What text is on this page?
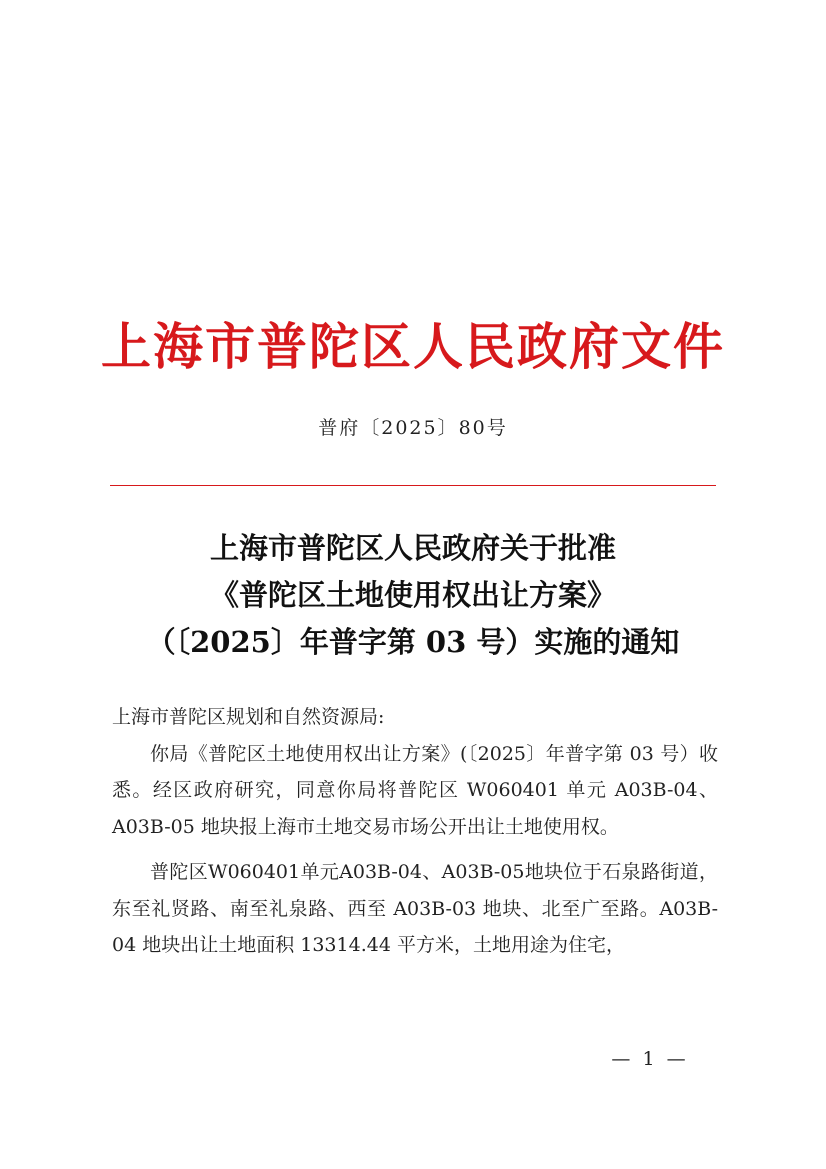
上海市普陀区人民政府文件
普府〔2025〕80号
上海市普陀区人民政府关于批准
《普陀区土地使用权出让方案》
（〔2025〕年普字第 03 号）实施的通知

上海市普陀区规划和自然资源局:

你局《普陀区土地使用权出让方案》(〔2025〕年普字第 03 号）收悉。经区政府研究，同意你局将普陀区 W060401 单元 A03B-04、A03B-05 地块报上海市土地交易市场公开出让土地使用权。

普陀区W060401单元A03B-04、A03B-05地块位于石泉路街道，东至礼贤路、南至礼泉路、西至 A03B-03 地块、北至广至路。A03B-04 地块出让土地面积 13314.44 平方米，土地用途为住宅，

— 1 —
